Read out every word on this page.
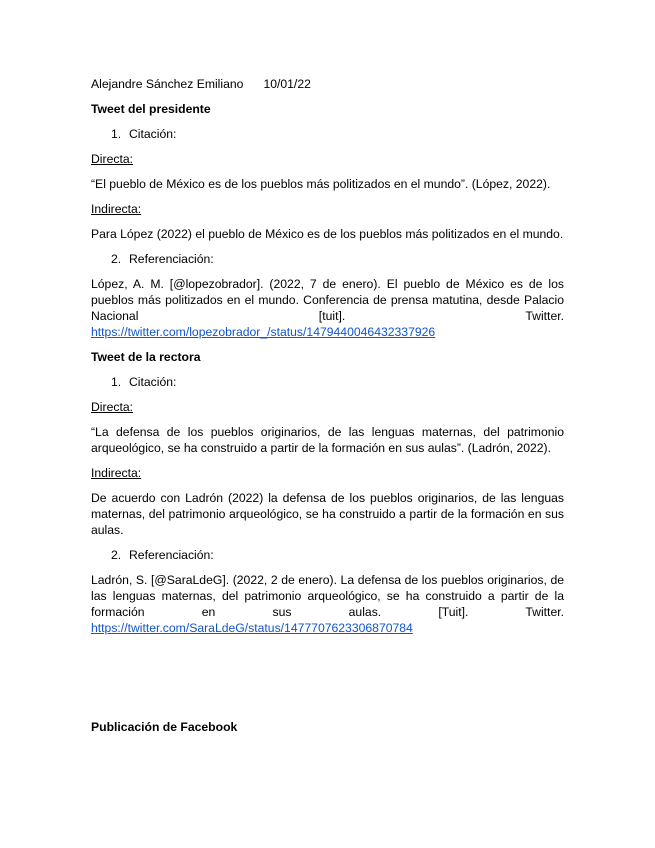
Alejandre Sánchez Emiliano 10/01/22

Tweet del presidente

1. Citación:

Directa:

“El pueblo de México es de los pueblos más politizados en el mundo”. (López, 2022).

Indirecta:

Para López (2022) el pueblo de México es de los pueblos más politizados en el mundo.

2. Referenciación:

López, A. M. [@lopezobrador]. (2022, 7 de enero). El pueblo de México es de los pueblos más politizados en el mundo. Conferencia de prensa matutina, desde Palacio Nacional [tuit]. Twitter.

https://twitter.com/lopezobrador_/status/1479440046432337926

Tweet de la rectora

1. Citación:

Directa:

“La defensa de los pueblos originarios, de las lenguas maternas, del patrimonio arqueológico, se ha construido a partir de la formación en sus aulas”. (Ladrón, 2022).

Indirecta:

De acuerdo con Ladrón (2022) la defensa de los pueblos originarios, de las lenguas maternas, del patrimonio arqueológico, se ha construido a partir de la formación en sus aulas.

2. Referenciación:

Ladrón, S. [@SaraLdeG]. (2022, 2 de enero). La defensa de los pueblos originarios, de las lenguas maternas, del patrimonio arqueológico, se ha construido a partir de la formación en sus aulas. [Tuit]. Twitter.

https://twitter.com/SaraLdeG/status/1477707623306870784

Publicación de Facebook
